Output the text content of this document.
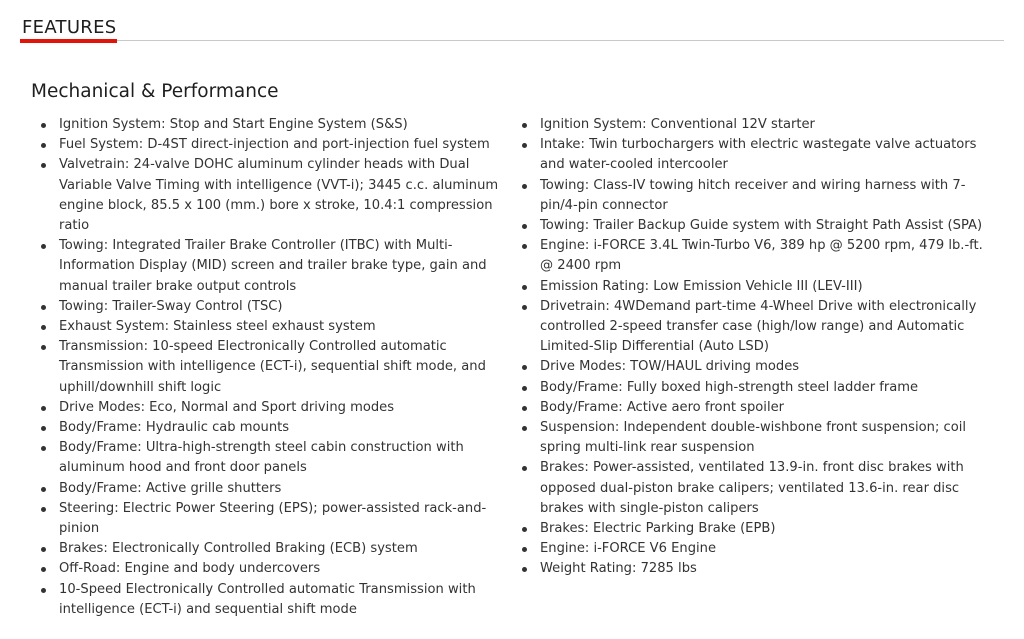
FEATURES
Mechanical & Performance
Ignition System: Stop and Start Engine System (S&S)
Fuel System: D-4ST direct-injection and port-injection fuel system
Valvetrain: 24-valve DOHC aluminum cylinder heads with Dual Variable Valve Timing with intelligence (VVT-i); 3445 c.c. aluminum engine block, 85.5 x 100 (mm.) bore x stroke, 10.4:1 compression ratio
Towing: Integrated Trailer Brake Controller (ITBC) with Multi-Information Display (MID) screen and trailer brake type, gain and manual trailer brake output controls
Towing: Trailer-Sway Control (TSC)
Exhaust System: Stainless steel exhaust system
Transmission: 10-speed Electronically Controlled automatic Transmission with intelligence (ECT-i), sequential shift mode, and uphill/downhill shift logic
Drive Modes: Eco, Normal and Sport driving modes
Body/Frame: Hydraulic cab mounts
Body/Frame: Ultra-high-strength steel cabin construction with aluminum hood and front door panels
Body/Frame: Active grille shutters
Steering: Electric Power Steering (EPS); power-assisted rack-and-pinion
Brakes: Electronically Controlled Braking (ECB) system
Off-Road: Engine and body undercovers
10-Speed Electronically Controlled automatic Transmission with intelligence (ECT-i) and sequential shift mode
Ignition System: Conventional 12V starter
Intake: Twin turbochargers with electric wastegate valve actuators and water-cooled intercooler
Towing: Class-IV towing hitch receiver and wiring harness with 7-pin/4-pin connector
Towing: Trailer Backup Guide system with Straight Path Assist (SPA)
Engine: i-FORCE 3.4L Twin-Turbo V6, 389 hp @ 5200 rpm, 479 lb.-ft. @ 2400 rpm
Emission Rating: Low Emission Vehicle III (LEV-III)
Drivetrain: 4WDemand part-time 4-Wheel Drive with electronically controlled 2-speed transfer case (high/low range) and Automatic Limited-Slip Differential (Auto LSD)
Drive Modes: TOW/HAUL driving modes
Body/Frame: Fully boxed high-strength steel ladder frame
Body/Frame: Active aero front spoiler
Suspension: Independent double-wishbone front suspension; coil spring multi-link rear suspension
Brakes: Power-assisted, ventilated 13.9-in. front disc brakes with opposed dual-piston brake calipers; ventilated 13.6-in. rear disc brakes with single-piston calipers
Brakes: Electric Parking Brake (EPB)
Engine: i-FORCE V6 Engine
Weight Rating: 7285 lbs
